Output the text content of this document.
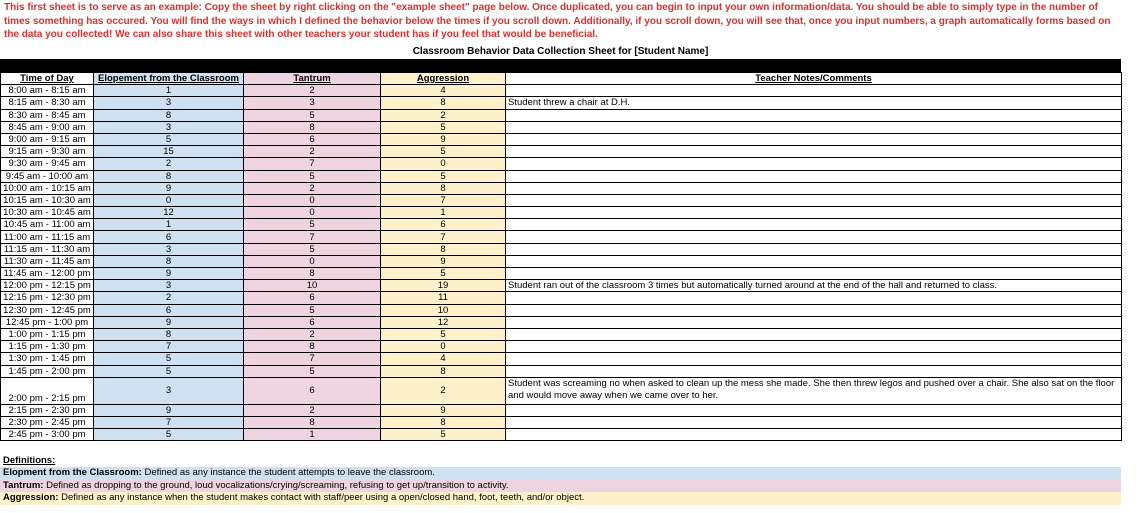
This first sheet is to serve as an example: Copy the sheet by right clicking on the "example sheet" page below. Once duplicated, you can begin to input your own information/data. You should be able to simply type in the number of times something has occured. You will find the ways in which I defined the behavior below the times if you scroll down. Additionally, if you scroll down, you will see that, once you input numbers, a graph automatically forms based on the data you collected! We can also share this sheet with other teachers your student has if you feel that would be beneficial.
Classroom Behavior Data Collection Sheet for [Student Name]
Time of Day	Elopement from the Classroom	Tantrum	Aggression	Teacher Notes/Comments
8:00 am - 8:15 am	1	2	4	
8:15 am - 8:30 am	3	3	8	Student threw a chair at D.H.
8:30 am - 8:45 am	8	5	2	
8:45 am - 9:00 am	3	8	5	
9:00 am - 9:15 am	5	6	9	
9:15 am - 9:30 am	15	2	5	
9:30 am - 9:45 am	2	7	0	
9:45 am - 10:00 am	8	5	5	
10:00 am - 10:15 am	9	2	8	
10:15 am - 10:30 am	0	0	7	
10:30 am - 10:45 am	12	0	1	
10:45 am - 11:00 am	1	5	6	
11:00 am - 11:15 am	6	7	7	
11:15 am - 11:30 am	3	5	8	
11:30 am - 11:45 am	8	0	9	
11:45 am - 12:00 pm	9	8	5	
12:00 pm - 12:15 pm	3	10	19	Student ran out of the classroom 3 times but automatically turned around at the end of the hall and returned to class.
12:15 pm - 12:30 pm	2	6	11	
12:30 pm - 12:45 pm	6	5	10	
12:45 pm - 1:00 pm	9	6	12	
1:00 pm - 1:15 pm	8	2	5	
1:15 pm - 1:30 pm	7	8	0	
1:30 pm - 1:45 pm	5	7	4	
1:45 pm - 2:00 pm	5	5	8	
2:00 pm - 2:15 pm	3	6	2	Student was screaming no when asked to clean up the mess she made. She then threw legos and pushed over a chair. She also sat on the floor and would move away when we came over to her.
2:15 pm - 2:30 pm	9	2	9	
2:30 pm - 2:45 pm	7	8	8	
2:45 pm - 3:00 pm	5	1	5	
Definitions:
Elopment from the Classroom: Defined as any instance the student attempts to leave the classroom.
Tantrum: Defined as dropping to the ground, loud vocalizations/crying/screaming, refusing to get up/transition to activity.
Aggression: Defined as any instance when the student makes contact with staff/peer using a open/closed hand, foot, teeth, and/or object.
